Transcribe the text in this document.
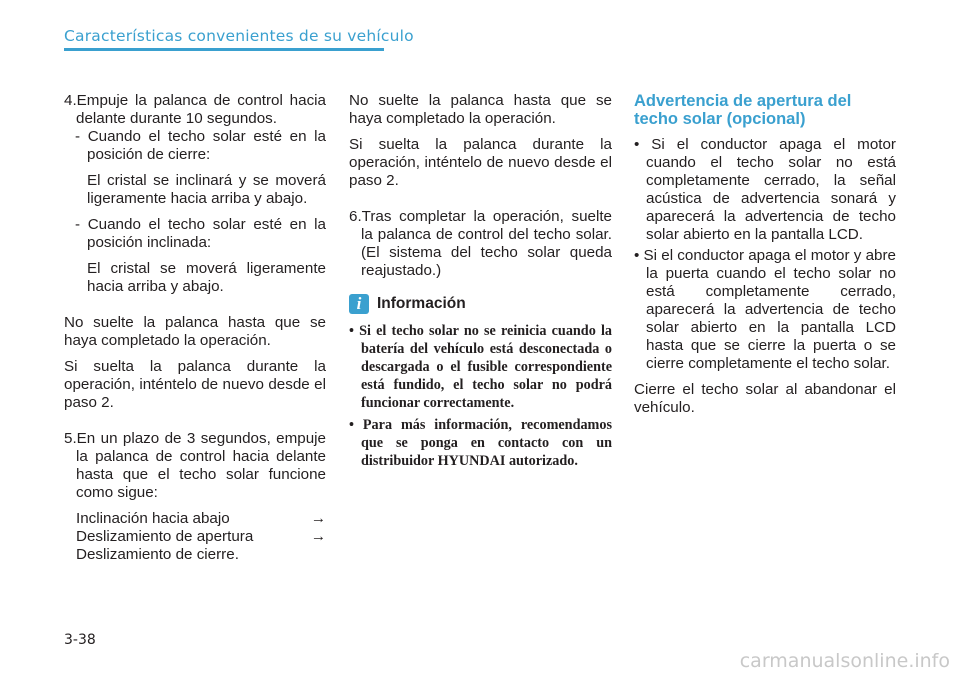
Características convenientes de su vehículo

4.Empuje la palanca de control hacia delante durante 10 segundos.

- Cuando el techo solar esté en la posición de cierre:

El cristal se inclinará y se moverá ligeramente hacia arriba y abajo.

- Cuando el techo solar esté en la posición inclinada:

El cristal se moverá ligeramente hacia arriba y abajo.

No suelte la palanca hasta que se haya completado la operación.

Si suelta la palanca durante la operación, inténtelo de nuevo desde el paso 2.

5.En un plazo de 3 segundos, empuje la palanca de control hacia delante hasta que el techo solar funcione como sigue:

Inclinación hacia abajo	→
Deslizamiento de apertura	→
Deslizamiento de cierre.

No suelte la palanca hasta que se haya completado la operación.

Si suelta la palanca durante la operación, inténtelo de nuevo desde el paso 2.

6.Tras completar la operación, suelte la palanca de control del techo solar. (El sistema del techo solar queda reajustado.)

i	Información

• Si el techo solar no se reinicia cuando la batería del vehículo está desconectada o descargada o el fusible correspondiente está fundido, el techo solar no podrá funcionar correctamente.

• Para más información, recomendamos que se ponga en contacto con un distribuidor HYUNDAI autorizado.

Advertencia de apertura del techo solar (opcional)

• Si el conductor apaga el motor cuando el techo solar no está completamente cerrado, la señal acústica de advertencia sonará y aparecerá la advertencia de techo solar abierto en la pantalla LCD.

• Si el conductor apaga el motor y abre la puerta cuando el techo solar no está completamente cerrado, aparecerá la advertencia de techo solar abierto en la pantalla LCD hasta que se cierre la puerta o se cierre completamente el techo solar.

Cierre el techo solar al abandonar el vehículo.

3-38
carmanualsonline.info
